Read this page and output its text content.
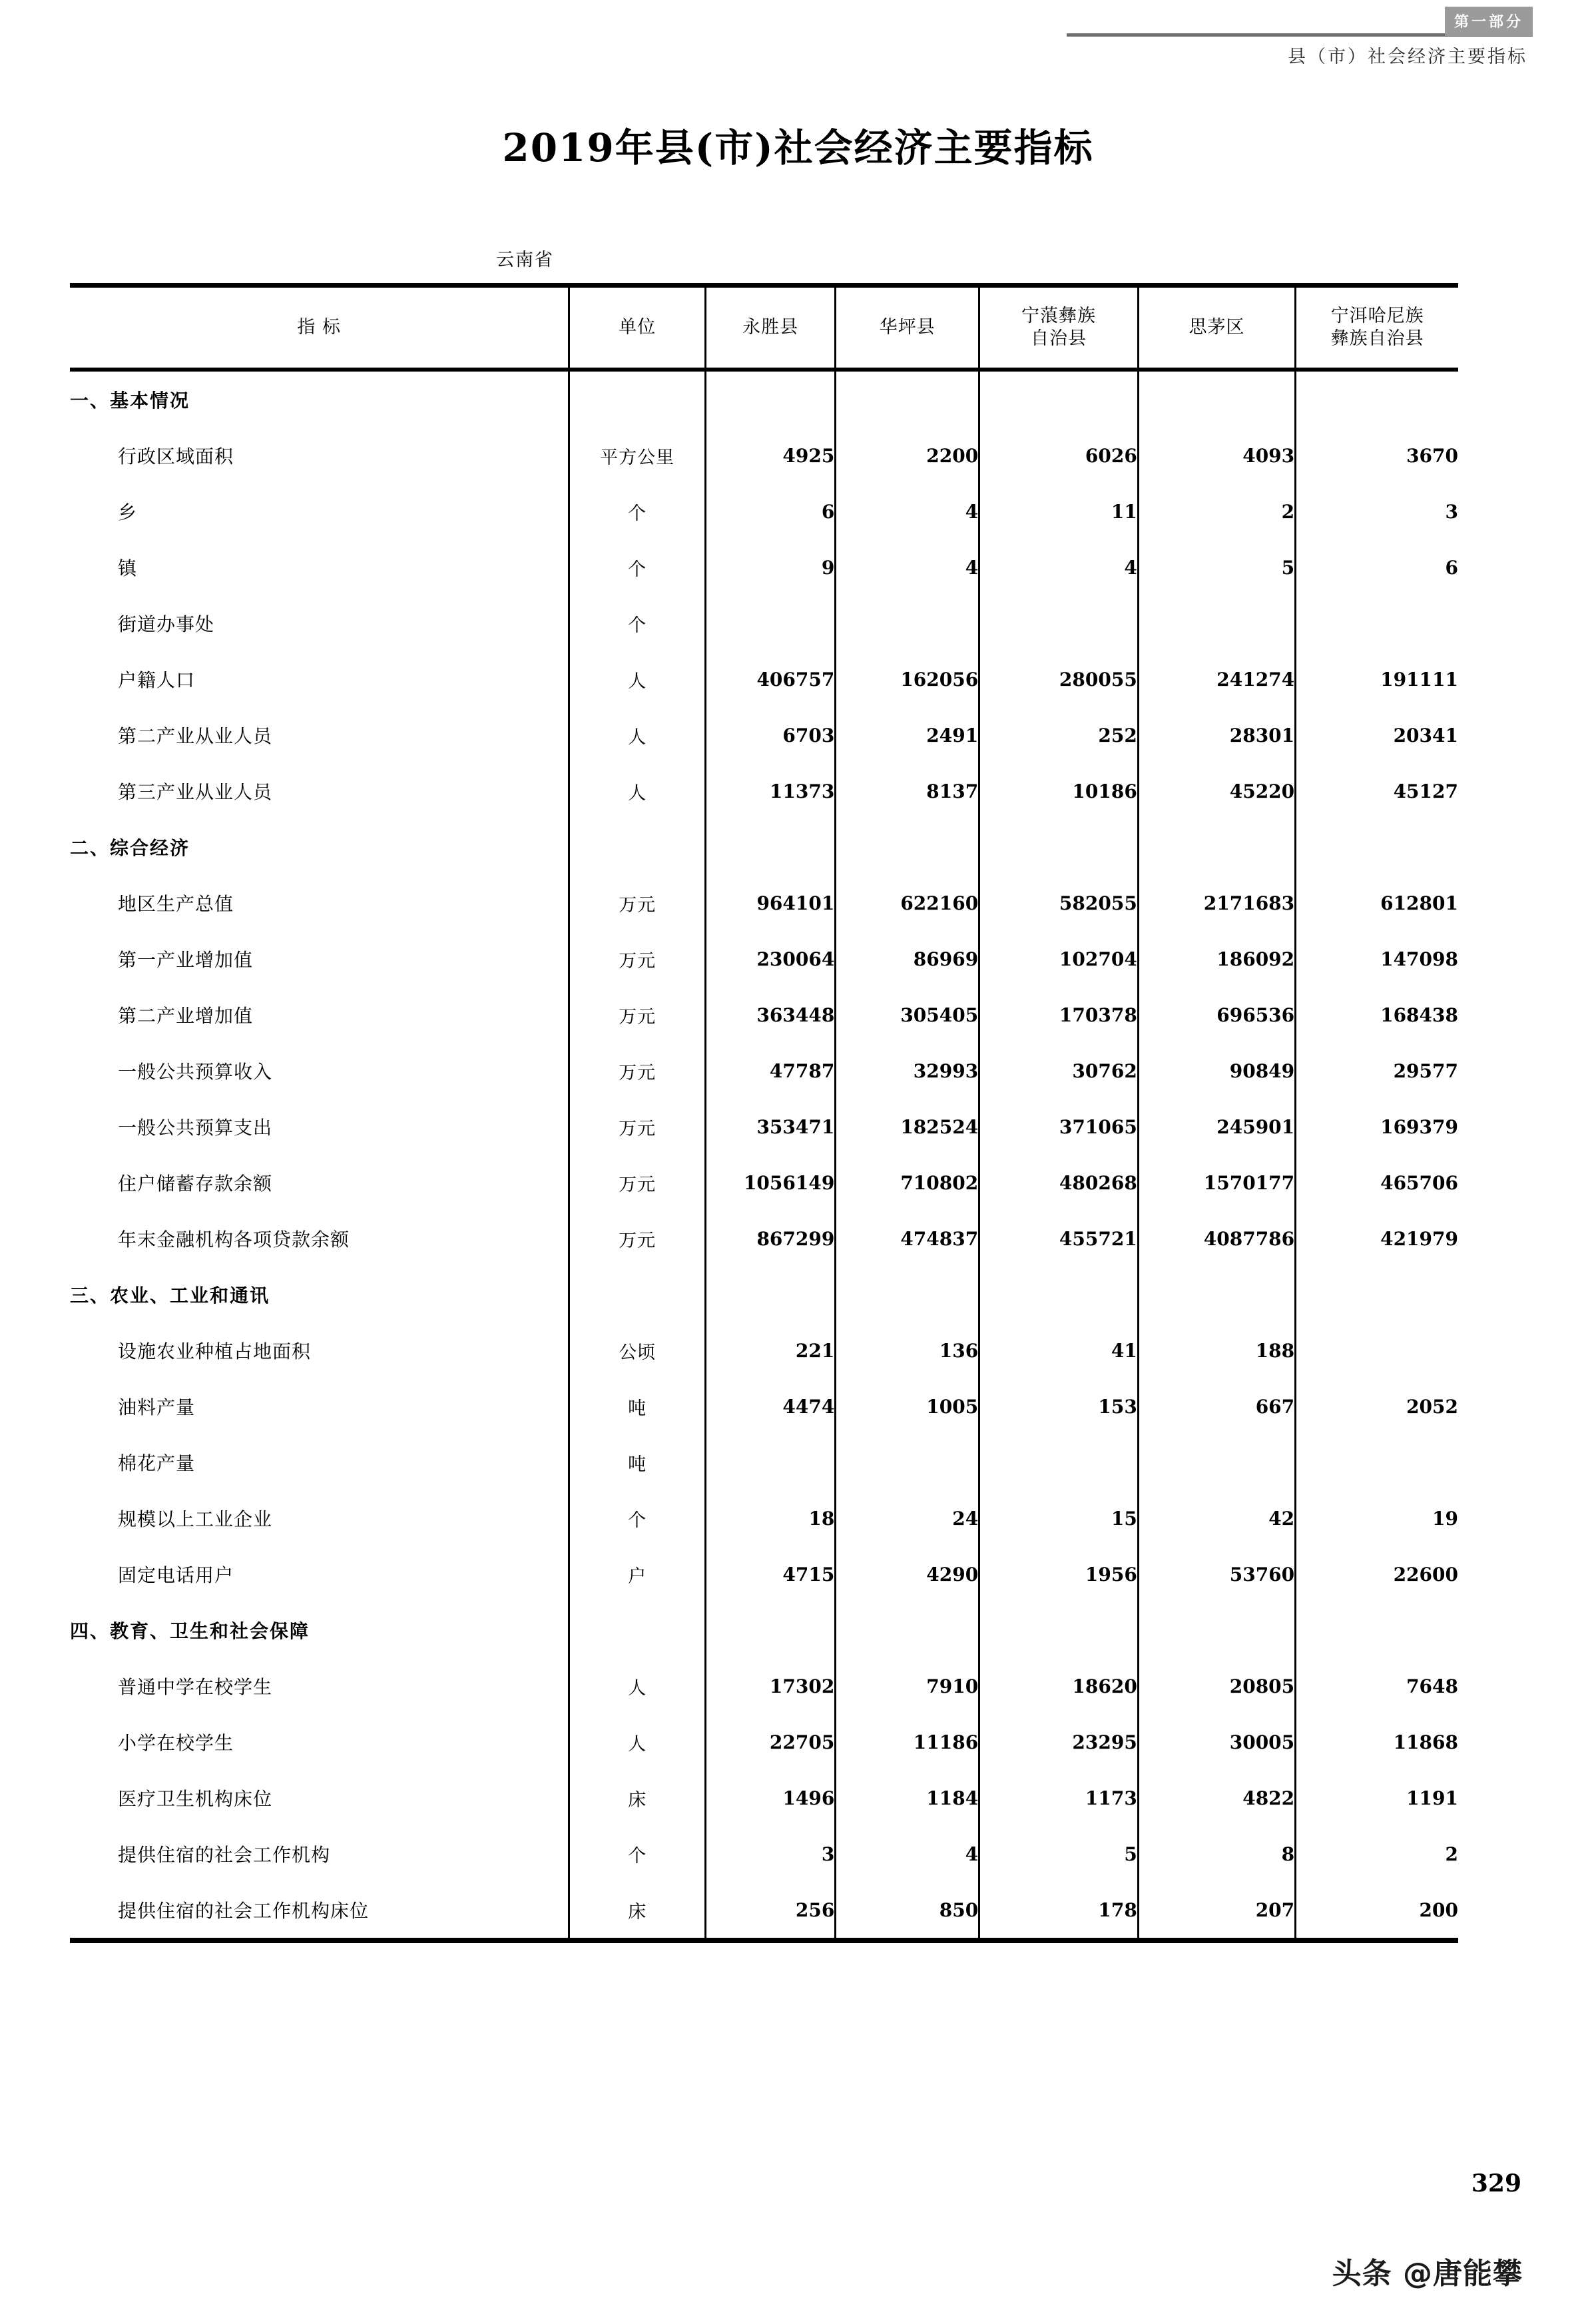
第一部分
县（市）社会经济主要指标
2019年县(市)社会经济主要指标
云南省
指 标	单位	永胜县	华坪县	宁蒗彝族
自治县	思茅区	宁洱哈尼族
彝族自治县
一、基本情况						
行政区域面积	平方公里	4925	2200	6026	4093	3670
乡	个	6	4	11	2	3
镇	个	9	4	4	5	6
街道办事处	个					
户籍人口	人	406757	162056	280055	241274	191111
第二产业从业人员	人	6703	2491	252	28301	20341
第三产业从业人员	人	11373	8137	10186	45220	45127
二、综合经济						
地区生产总值	万元	964101	622160	582055	2171683	612801
第一产业增加值	万元	230064	86969	102704	186092	147098
第二产业增加值	万元	363448	305405	170378	696536	168438
一般公共预算收入	万元	47787	32993	30762	90849	29577
一般公共预算支出	万元	353471	182524	371065	245901	169379
住户储蓄存款余额	万元	1056149	710802	480268	1570177	465706
年末金融机构各项贷款余额	万元	867299	474837	455721	4087786	421979
三、农业、工业和通讯						
设施农业种植占地面积	公顷	221	136	41	188	
油料产量	吨	4474	1005	153	667	2052
棉花产量	吨					
规模以上工业企业	个	18	24	15	42	19
固定电话用户	户	4715	4290	1956	53760	22600
四、教育、卫生和社会保障						
普通中学在校学生	人	17302	7910	18620	20805	7648
小学在校学生	人	22705	11186	23295	30005	11868
医疗卫生机构床位	床	1496	1184	1173	4822	1191
提供住宿的社会工作机构	个	3	4	5	8	2
提供住宿的社会工作机构床位	床	256	850	178	207	200
329
头条 @唐能攀
